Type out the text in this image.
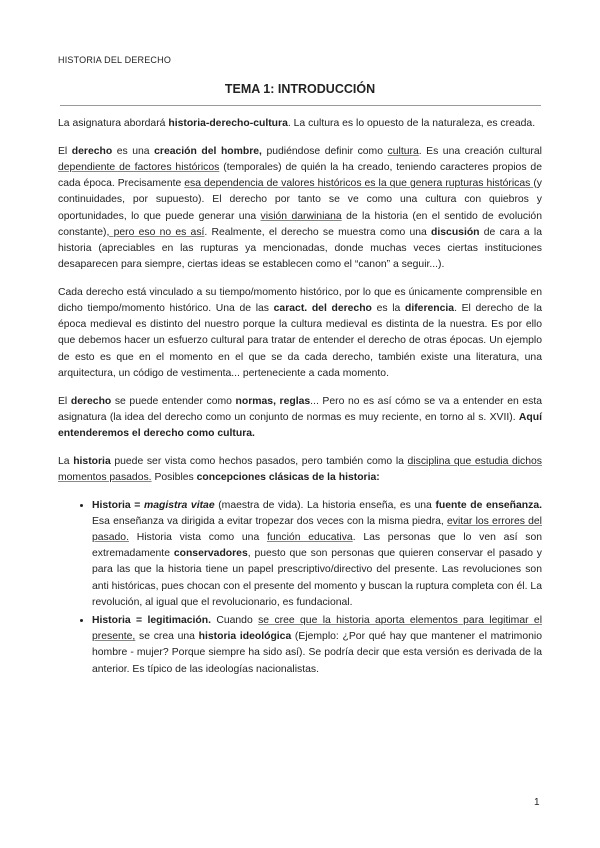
HISTORIA DEL DERECHO
TEMA 1: INTRODUCCIÓN

La asignatura abordará historia-derecho-cultura. La cultura es lo opuesto de la naturaleza, es creada.

El derecho es una creación del hombre, pudiéndose definir como cultura. Es una creación cultural dependiente de factores históricos (temporales) de quién la ha creado, teniendo caracteres propios de cada época. Precisamente esa dependencia de valores históricos es la que genera rupturas históricas (y continuidades, por supuesto). El derecho por tanto se ve como una cultura con quiebros y oportunidades, lo que puede generar una visión darwiniana de la historia (en el sentido de evolución constante), pero eso no es así. Realmente, el derecho se muestra como una discusión de cara a la historia (apreciables en las rupturas ya mencionadas, donde muchas veces ciertas instituciones desaparecen para siempre, ciertas ideas se establecen como el “canon” a seguir...).

Cada derecho está vinculado a su tiempo/momento histórico, por lo que es únicamente comprensible en dicho tiempo/momento histórico. Una de las caract. del derecho es la diferencia. El derecho de la época medieval es distinto del nuestro porque la cultura medieval es distinta de la nuestra. Es por ello que debemos hacer un esfuerzo cultural para tratar de entender el derecho de otras épocas. Un ejemplo de esto es que en el momento en el que se da cada derecho, también existe una literatura, una arquitectura, un código de vestimenta... perteneciente a cada momento.

El derecho se puede entender como normas, reglas... Pero no es así cómo se va a entender en esta asignatura (la idea del derecho como un conjunto de normas es muy reciente, en torno al s. XVII). Aquí entenderemos el derecho como cultura.

La historia puede ser vista como hechos pasados, pero también como la disciplina que estudia dichos momentos pasados. Posibles concepciones clásicas de la historia:

• Historia = magistra vitae (maestra de vida). La historia enseña, es una fuente de enseñanza. Esa enseñanza va dirigida a evitar tropezar dos veces con la misma piedra, evitar los errores del pasado. Historia vista como una función educativa. Las personas que lo ven así son extremadamente conservadores, puesto que son personas que quieren conservar el pasado y para las que la historia tiene un papel prescriptivo/directivo del presente. Las revoluciones son anti históricas, pues chocan con el presente del momento y buscan la ruptura completa con él. La revolución, al igual que el revolucionario, es fundacional.
• Historia = legitimación. Cuando se cree que la historia aporta elementos para legitimar el presente, se crea una historia ideológica (Ejemplo: ¿Por qué hay que mantener el matrimonio hombre - mujer? Porque siempre ha sido así). Se podría decir que esta versión es derivada de la anterior. Es típico de las ideologías nacionalistas.
1
